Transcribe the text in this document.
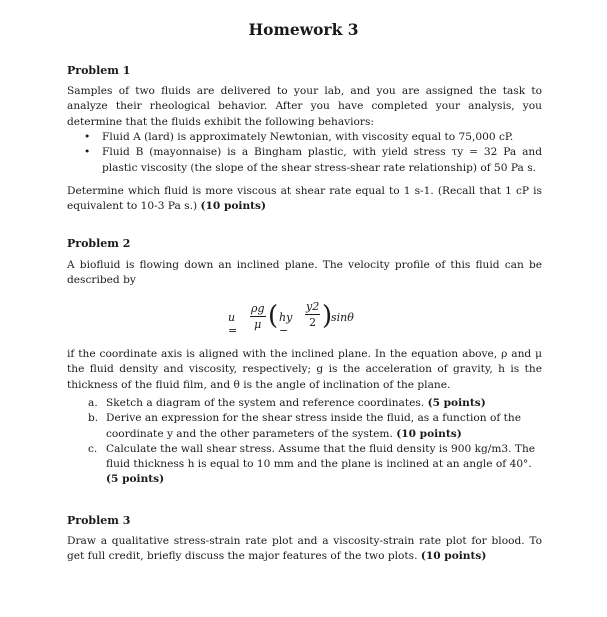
Homework 3
Problem 1

Samples of two fluids are delivered to your lab, and you are assigned the task to analyze their rheological behavior. After you have completed your analysis, you determine that the fluids exhibit the following behaviors:

• Fluid A (lard) is approximately Newtonian, with viscosity equal to 75,000 cP.
• Fluid B (mayonnaise) is a Bingham plastic, with yield stress τy = 32 Pa and plastic viscosity (the slope of the shear stress-shear rate relationship) of 50 Pa s.

Determine which fluid is more viscous at shear rate equal to 1 s-1. (Recall that 1 cP is equivalent to 10-3 Pa s.) (10 points)

Problem 2

A biofluid is flowing down an inclined plane. The velocity profile of this fluid can be described by

$u = \frac{\rho g}{\mu}$ ( hy −
$\frac{y2}{2}$ )
sinθ

if the coordinate axis is aligned with the inclined plane. In the equation above, ρ and μ the fluid density and viscosity, respectively; g is the acceleration of gravity, h is the thickness of the fluid film, and θ is the angle of inclination of the plane.

a. Sketch a diagram of the system and reference coordinates. (5 points)
b. Derive an expression for the shear stress inside the fluid, as a function of the coordinate y and the other parameters of the system. (10 points)
c. Calculate the wall shear stress. Assume that the fluid density is 900 kg/m3. The fluid thickness h is equal to 10 mm and the plane is inclined at an angle of 40°. (5 points)
Problem 3

Draw a qualitative stress-strain rate plot and a viscosity-strain rate plot for blood. To get full credit, briefly discuss the major features of the two plots. (10 points)
